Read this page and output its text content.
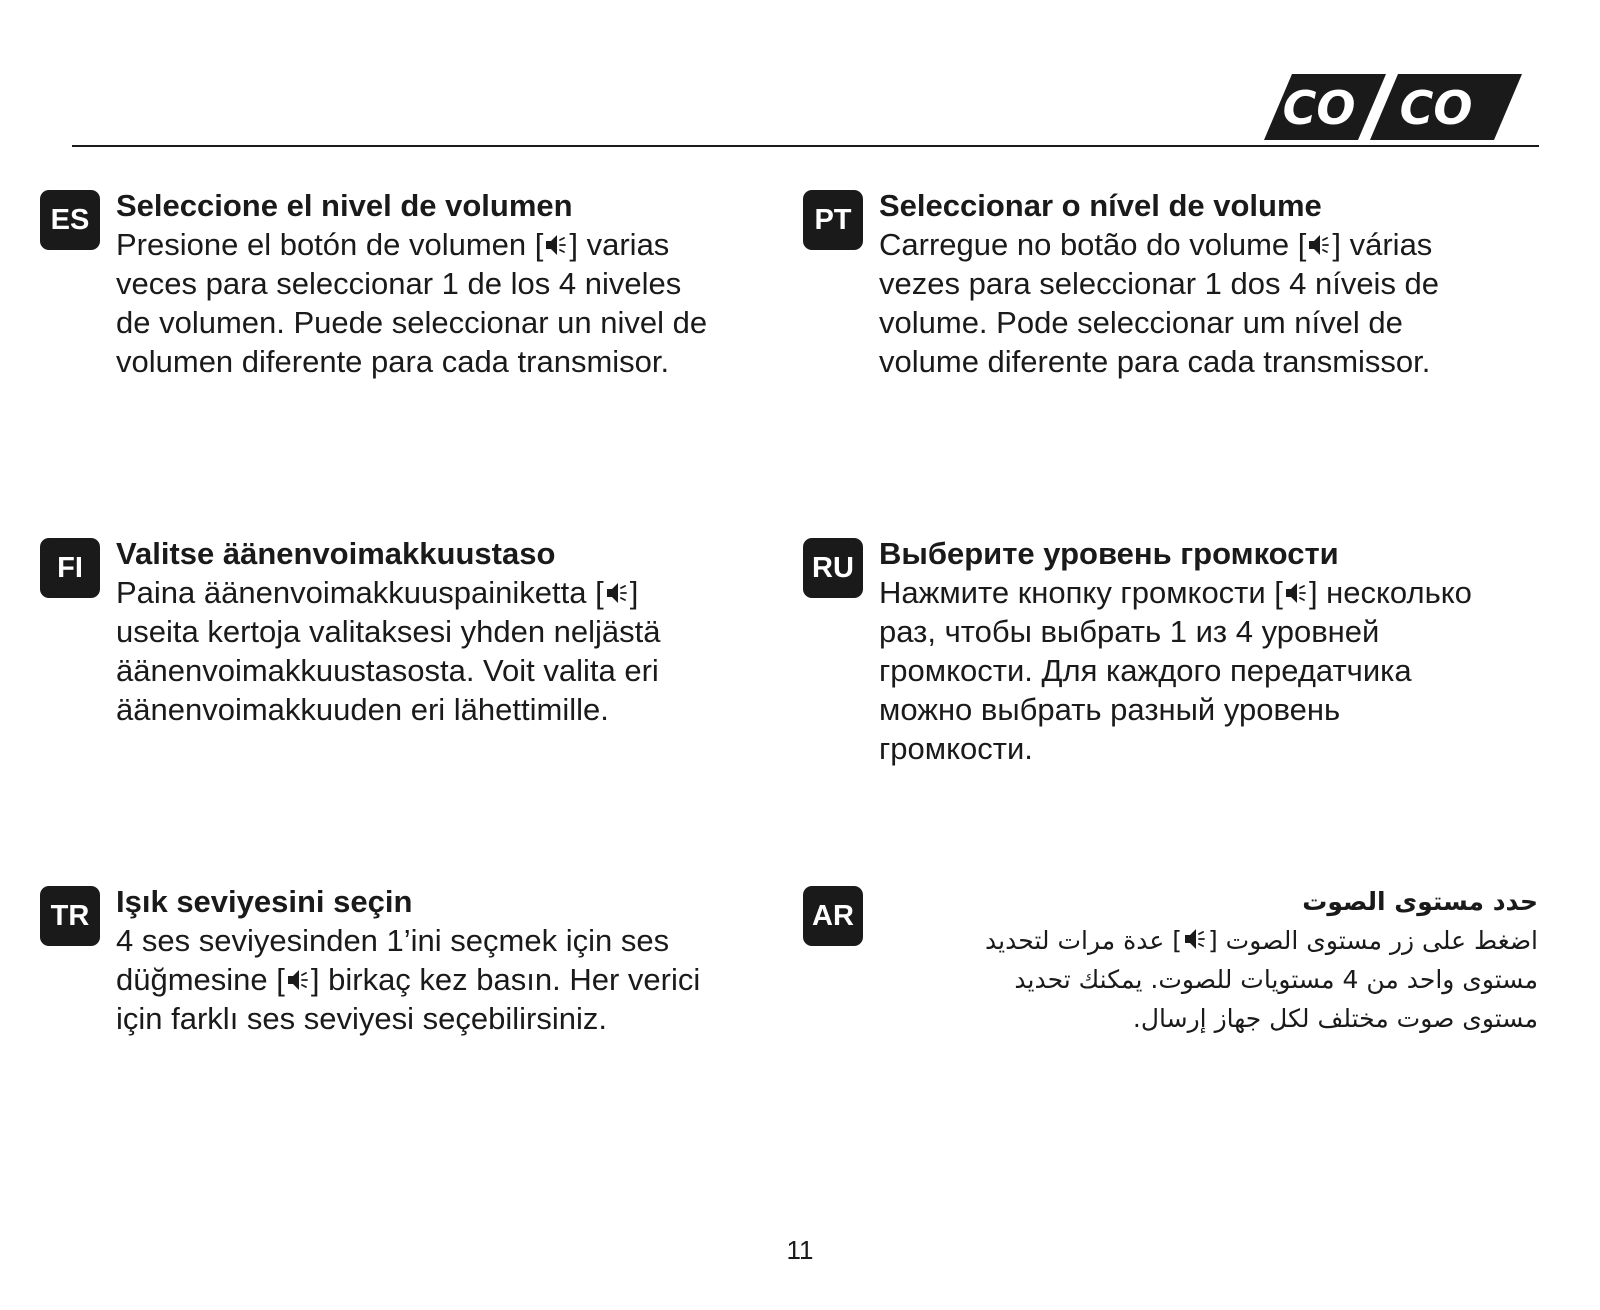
CO CO
ES Seleccione el nivel de volumen
Presione el botón de volumen [ ] varias
veces para seleccionar 1 de los 4 niveles
de volumen. Puede seleccionar un nivel de
volumen diferente para cada transmisor.
PT Seleccionar o nível de volume
Carregue no botão do volume [ ] várias
vezes para seleccionar 1 dos 4 níveis de
volume. Pode seleccionar um nível de
volume diferente para cada transmissor.
FI	Valitse äänenvoimakkuustaso
Paina äänenvoimakkuuspainiketta [ ]
useita kertoja valitaksesi yhden neljästä
äänenvoimakkuustasosta. Voit valita eri
äänenvoimakkuuden eri lähettimille.
RU Выберите уровень громкости
Нажмите кнопку громкости [ ] несколько
раз, чтобы выбрать 1 из 4 уровней
громкости. Для каждого передатчика
можно выбрать разный уровень
громкости.
TR Işık seviyesini seçin
4 ses seviyesinden 1’ini seçmek için ses
düğmesine [ ] birkaç kez basın. Her verici
için farklı ses seviyesi seçebilirsiniz.
AR	حدد مستوى الصوت
اضغط على زر مستوى الصوت [] عدة مرات لتحديد
مستوى واحد من 4 مستويات للصوت. يمكنك تحديد
مستوى صوت مختلف لكل جهاز إرسال.
11
